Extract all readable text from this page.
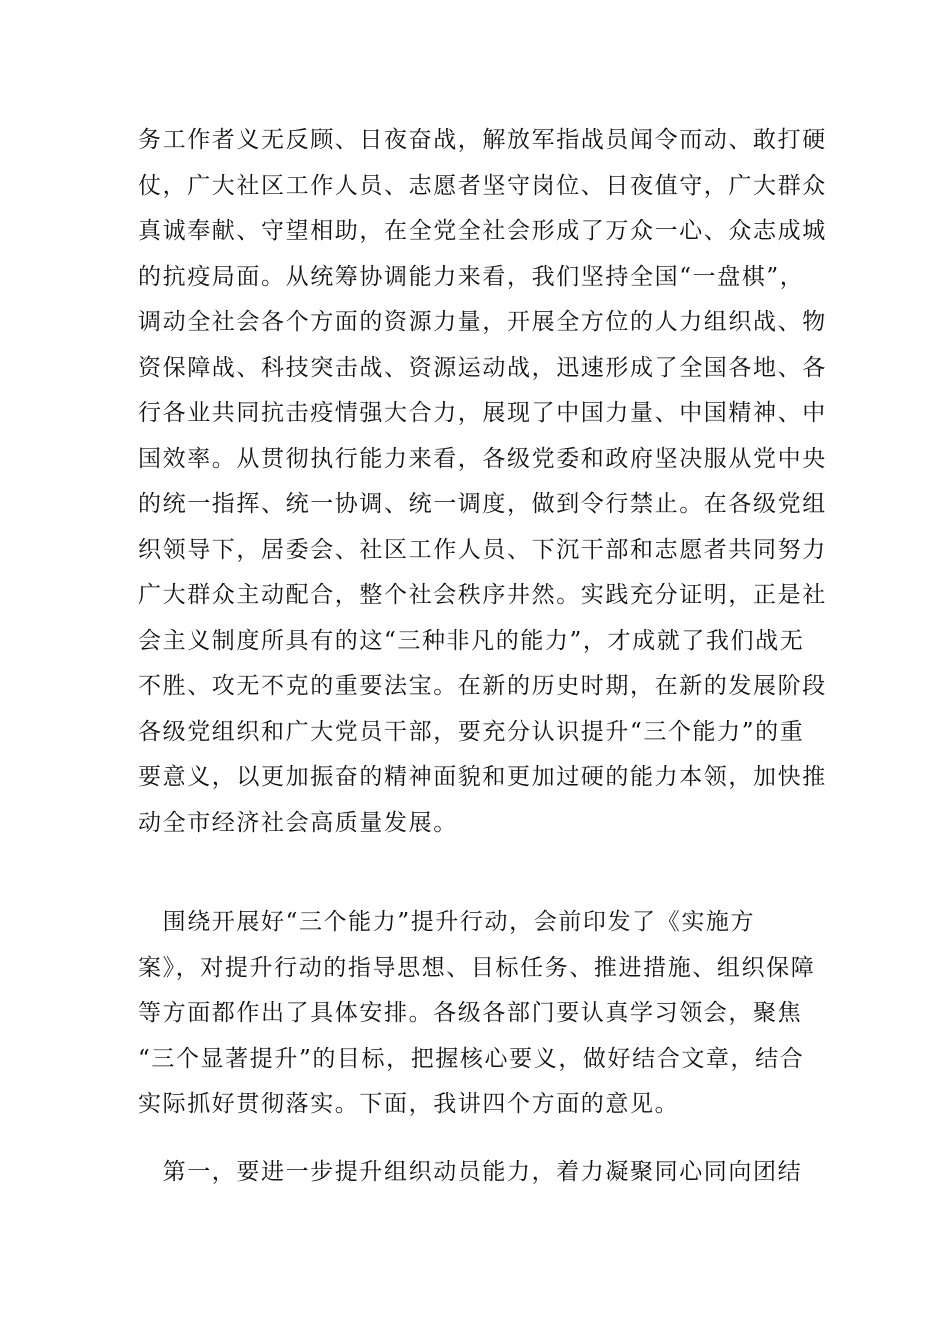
务工作者义无反顾、日夜奋战，解放军指战员闻令而动、敢打硬
仗，广大社区工作人员、志愿者坚守岗位、日夜值守，广大群众
真诚奉献、守望相助，在全党全社会形成了万众一心、众志成城
的抗疫局面。从统筹协调能力来看，我们坚持全国“一盘棋”，
调动全社会各个方面的资源力量，开展全方位的人力组织战、物
资保障战、科技突击战、资源运动战，迅速形成了全国各地、各
行各业共同抗击疫情强大合力，展现了中国力量、中国精神、中
国效率。从贯彻执行能力来看，各级党委和政府坚决服从党中央
的统一指挥、统一协调、统一调度，做到令行禁止。在各级党组
织领导下，居委会、社区工作人员、下沉干部和志愿者共同努力
广大群众主动配合，整个社会秩序井然。实践充分证明，正是社
会主义制度所具有的这“三种非凡的能力”，才成就了我们战无
不胜、攻无不克的重要法宝。在新的历史时期，在新的发展阶段
各级党组织和广大党员干部，要充分认识提升“三个能力”的重
要意义，以更加振奋的精神面貌和更加过硬的能力本领，加快推
动全市经济社会高质量发展。
　围绕开展好“三个能力”提升行动，会前印发了《实施方
案》，对提升行动的指导思想、目标任务、推进措施、组织保障
等方面都作出了具体安排。各级各部门要认真学习领会，聚焦
“三个显著提升”的目标，把握核心要义，做好结合文章，结合
实际抓好贯彻落实。下面，我讲四个方面的意见。
　第一，要进一步提升组织动员能力，着力凝聚同心同向团结
